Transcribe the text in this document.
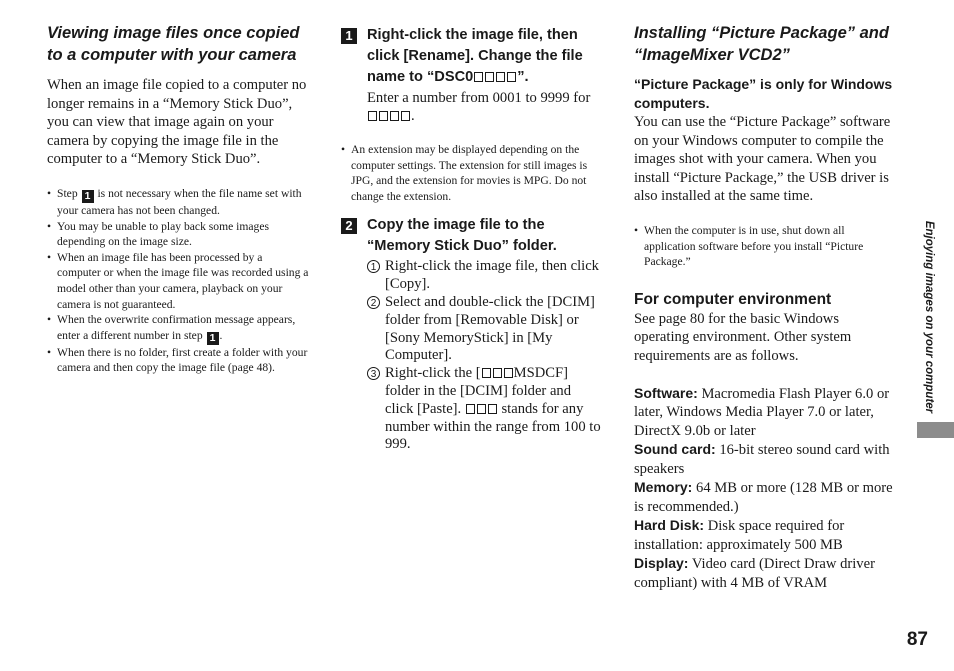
Viewing image files once copied to a computer with your camera

When an image file copied to a computer no longer remains in a “Memory Stick Duo”, you can view that image again on your camera by copying the image file in the computer to a “Memory Stick Duo”.

• Step 1 is not necessary when the file name set with your camera has not been changed.
• You may be unable to play back some images depending on the image size.
• When an image file has been processed by a computer or when the image file was recorded using a model other than your camera, playback on your camera is not guaranteed.
• When the overwrite confirmation message appears, enter a different number in step 1 .
• When there is no folder, first create a folder with your camera and then copy the image file (page 48).
1 Right-click the image file, then click [Rename]. Change the file name to “DSC0	”.

Enter a number from 0001 to 9999 for .

• An extension may be displayed depending on the computer settings. The extension for still images is JPG, and the extension for movies is MPG. Do not change the extension.
2 Copy the image file to the “Memory Stick Duo” folder.
1 Right-click the image file, then click [Copy].
2 Select and double-click the [DCIM] folder from [Removable Disk] or [Sony MemoryStick] in [My Computer].
3 Right-click the [ MSDCF] folder in the [DCIM] folder and click [Paste].	stands for any number within the range from 100 to 999.
Installing “Picture Package” and “ImageMixer VCD2”
“Picture Package” is only for Windows computers.

You can use the “Picture Package” software on your Windows computer to compile the images shot with your camera. When you install “Picture Package,” the USB driver is also installed at the same time.

• When the computer is in use, shut down all application software before you install “Picture Package.”
For computer environment

See page 80 for the basic Windows operating environment. Other system requirements are as follows.

Software: Macromedia Flash Player 6.0 or later, Windows Media Player 7.0 or later, DirectX 9.0b or later

Sound card: 16-bit stereo sound card with speakers

Memory: 64 MB or more (128 MB or more is recommended.)

Hard Disk: Disk space required for installation: approximately 500 MB

Display: Video card (Direct Draw driver compliant) with 4 MB of VRAM

Enjoying images on your computer
87
